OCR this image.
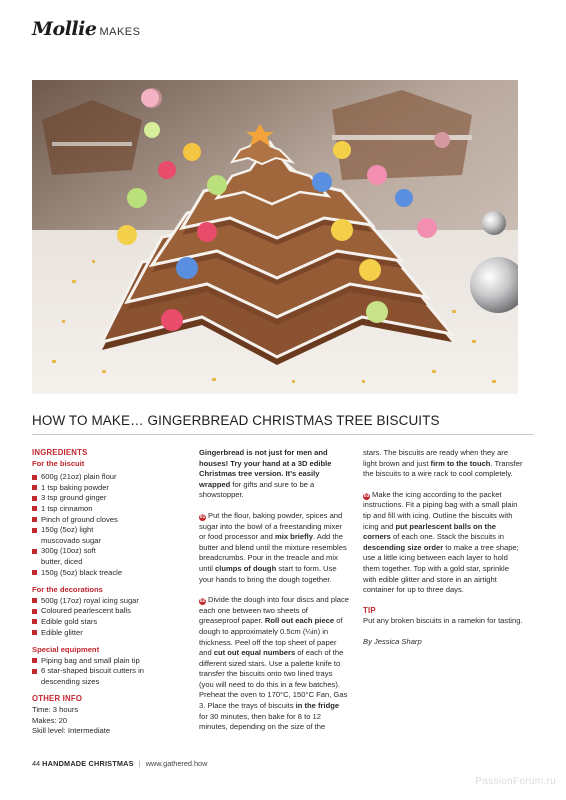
Mollie MAKES
HOW TO MAKE… GINGERBREAD CHRISTMAS TREE BISCUITS
INGREDIENTS
For the biscuit
600g (21oz) plain flour
1 tsp baking powder
3 tsp ground ginger
1 tsp cinnamon
Pinch of ground cloves
150g (5oz) light muscovado sugar
300g (10oz) soft butter, diced
150g (5oz) black treacle
For the decorations
500g (17oz) royal icing sugar
Coloured pearlescent balls
Edible gold stars
Edible glitter
Special equipment
Piping bag and small plain tip
6 star-shaped biscuit cutters in descending sizes
OTHER INFO
Time: 3 hours
Makes: 20
Skill level: Intermediate
Gingerbread is not just for men and houses! Try your hand at a 3D edible Christmas tree version. It’s easily wrapped for gifts and sure to be a showstopper.
01 Put the flour, baking powder, spices and sugar into the bowl of a freestanding mixer or food processor and mix briefly. Add the butter and blend until the mixture resembles breadcrumbs. Pour in the treacle and mix until clumps of dough start to form. Use your hands to bring the dough together.
02 Divide the dough into four discs and place each one between two sheets of greaseproof paper. Roll out each piece of dough to approximately 0.5cm (¼in) in thickness. Peel off the top sheet of paper and cut out equal numbers of each of the different sized stars. Use a palette knife to transfer the biscuits onto two lined trays (you will need to do this in a few batches). Preheat the oven to 170°C, 150°C Fan, Gas 3. Place the trays of biscuits in the fridge for 30 minutes, then bake for 8 to 12 minutes, depending on the size of the
stars. The biscuits are ready when they are light brown and just firm to the touch. Transfer the biscuits to a wire rack to cool completely.
03 Make the icing according to the packet instructions. Fit a piping bag with a small plain tip and fill with icing. Outline the biscuits with icing and put pearlescent balls on the corners of each one. Stack the biscuits in descending size order to make a tree shape; use a little icing between each layer to hold them together. Top with a gold star, sprinkle with edible glitter and store in an airtight container for up to three days.
TIP
Put any broken biscuits in a ramekin for tasting.
By Jessica Sharp
44 HANDMADE CHRISTMAS | www.gathered.how
PassionForum.ru
